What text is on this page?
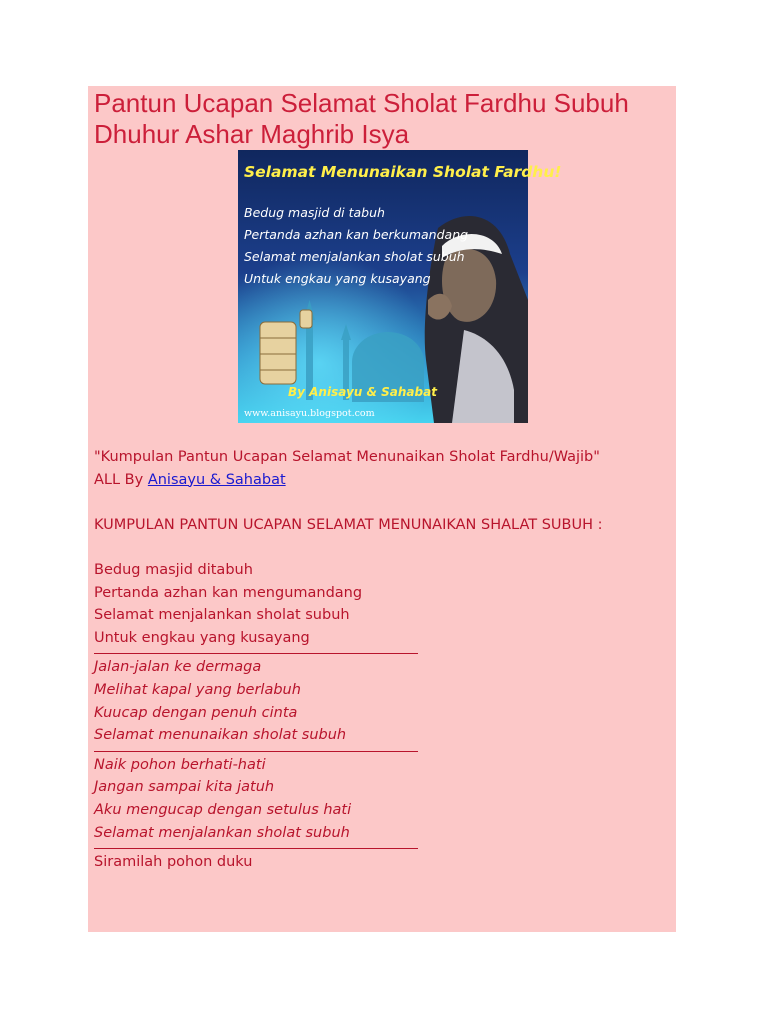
Pantun Ucapan Selamat Sholat Fardhu Subuh Dhuhur Ashar Maghrib Isya
Selamat Menunaikan Sholat Fardhu!
Bedug masjid di tabuh
Pertanda azhan kan berkumandang
Selamat menjalankan sholat subuh
Untuk engkau yang kusayang
By Anisayu & Sahabat
www.anisayu.blogspot.com

"Kumpulan Pantun Ucapan Selamat Menunaikan Sholat Fardhu/Wajib"

ALL By Anisayu & Sahabat

KUMPULAN PANTUN UCAPAN SELAMAT MENUNAIKAN SHALAT SUBUH :

Bedug masjid ditabuh

Pertanda azhan kan mengumandang

Selamat menjalankan sholat subuh

Untuk engkau yang kusayang

Jalan-jalan ke dermaga

Melihat kapal yang berlabuh

Kuucap dengan penuh cinta

Selamat menunaikan sholat subuh

Naik pohon berhati-hati

Jangan sampai kita jatuh

Aku mengucap dengan setulus hati

Selamat menjalankan sholat subuh

Siramilah pohon duku
